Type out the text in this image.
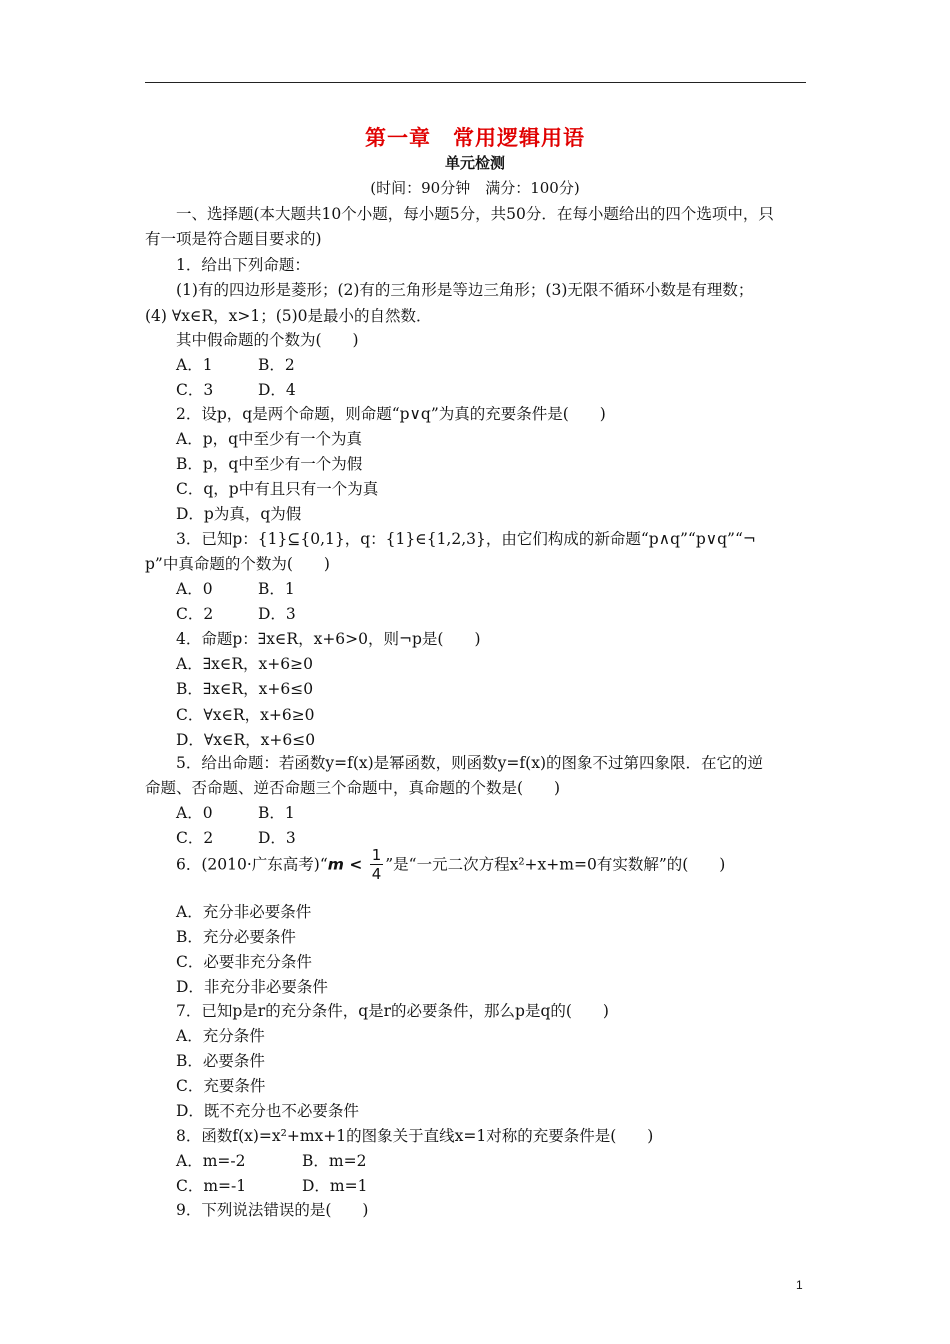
第一章　常用逻辑用语
单元检测
(时间：90分钟　满分：100分)
一、选择题(本大题共10个小题，每小题5分，共50分．在每小题给出的四个选项中，只
有一项是符合题目要求的)
1．给出下列命题：
(1)有的四边形是菱形；(2)有的三角形是等边三角形；(3)无限不循环小数是有理数；
(4) ∀x∈R，x>1；(5)0是最小的自然数．
其中假命题的个数为(　　)
A．1	B．2
C．3	D．4
2．设p，q是两个命题，则命题“p∨q”为真的充要条件是(　　)
A．p，q中至少有一个为真
B．p，q中至少有一个为假
C．q，p中有且只有一个为真
D．p为真，q为假
3．已知p：{1}⊆{0,1}，q：{1}∈{1,2,3}，由它们构成的新命题“p∧q”“p∨q”“¬
p”中真命题的个数为(　　)
A．0	B．1
C．2	D．3
4．命题p：∃x∈R，x+6>0，则¬p是(　　)
A．∃x∈R，x+6≥0
B．∃x∈R，x+6≤0
C．∀x∈R，x+6≥0
D．∀x∈R，x+6≤0
5．给出命题：若函数y=f(x)是幂函数，则函数y=f(x)的图象不过第四象限．在它的逆
命题、否命题、逆否命题三个命题中，真命题的个数是(　　)
A．0	B．1
C．2	D．3
6．(2010·广东高考)“m < $\frac{1}{4}$ ”是“一元二次方程x²+x+m=0有实数解”的(　　)
A．充分非必要条件
B．充分必要条件
C．必要非充分条件
D．非充分非必要条件
7．已知p是r的充分条件，q是r的必要条件，那么p是q的(　　)
A．充分条件
B．必要条件
C．充要条件
D．既不充分也不必要条件
8．函数f(x)=x²+mx+1的图象关于直线x=1对称的充要条件是(　　)
A．m=-2	B．m=2
C．m=-1	D．m=1
9．下列说法错误的是(　　)
1
